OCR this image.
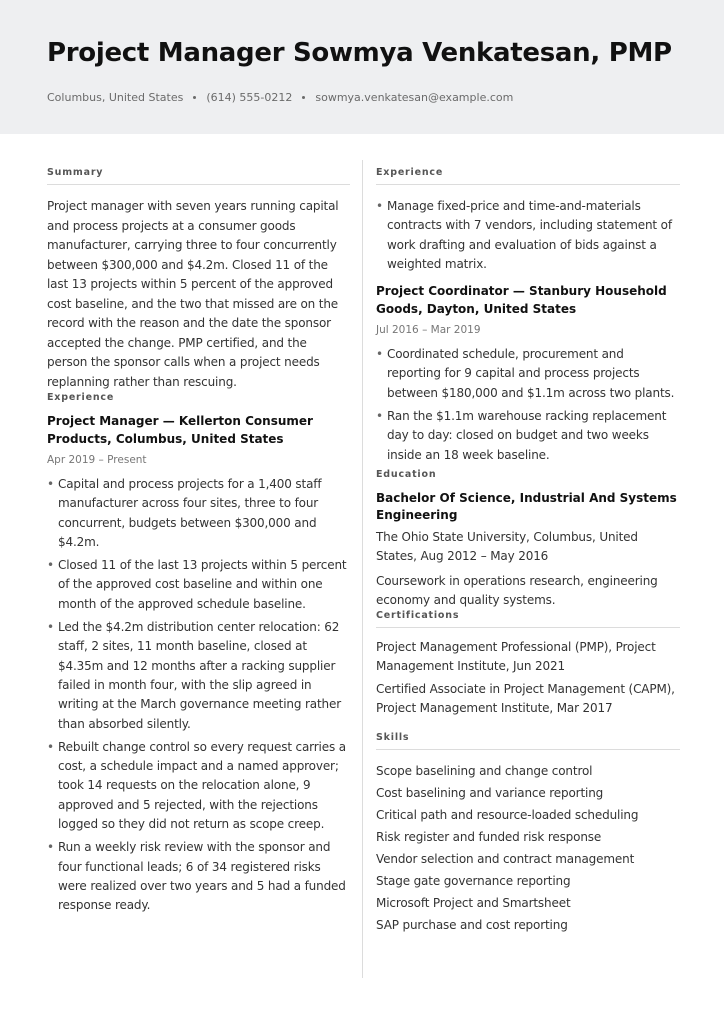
Project Manager Sowmya Venkatesan, PMP
Columbus, United States (614) 555-0212 sowmya.venkatesan@example.com
Summary

Project manager with seven years running capital and process projects at a consumer goods manufacturer, carrying three to four concurrently between $300,000 and $4.2m. Closed 11 of the last 13 projects within 5 percent of the approved cost baseline, and the two that missed are on the record with the reason and the date the sponsor accepted the change. PMP certified, and the person the sponsor calls when a project needs replanning rather than rescuing.

Experience
Project Manager — Kellerton Consumer Products, Columbus, United States
Apr 2019 – Present
• Capital and process projects for a 1,400 staff manufacturer across four sites, three to four concurrent, budgets between $300,000 and $4.2m.
• Closed 11 of the last 13 projects within 5 percent of the approved cost baseline and within one month of the approved schedule baseline.
• Led the $4.2m distribution center relocation: 62 staff, 2 sites, 11 month baseline, closed at $4.35m and 12 months after a racking supplier failed in month four, with the slip agreed in writing at the March governance meeting rather than absorbed silently.
• Rebuilt change control so every request carries a cost, a schedule impact and a named approver; took 14 requests on the relocation alone, 9 approved and 5 rejected, with the rejections logged so they did not return as scope creep.
• Run a weekly risk review with the sponsor and four functional leads; 6 of 34 registered risks were realized over two years and 5 had a funded response ready.
Experience
• Manage fixed-price and time-and-materials contracts with 7 vendors, including statement of work drafting and evaluation of bids against a weighted matrix.
Project Coordinator — Stanbury Household Goods, Dayton, United States
Jul 2016 – Mar 2019
• Coordinated schedule, procurement and reporting for 9 capital and process projects between $180,000 and $1.1m across two plants.
• Ran the $1.1m warehouse racking replacement day to day: closed on budget and two weeks inside an 18 week baseline.
Education
Bachelor Of Science, Industrial And Systems Engineering
The Ohio State University, Columbus, United States, Aug 2012 – May 2016
Coursework in operations research, engineering economy and quality systems.
Certifications
Project Management Professional (PMP), Project Management Institute, Jun 2021
Certified Associate in Project Management (CAPM), Project Management Institute, Mar 2017
Skills
Scope baselining and change control
Cost baselining and variance reporting
Critical path and resource-loaded scheduling
Risk register and funded risk response
Vendor selection and contract management
Stage gate governance reporting
Microsoft Project and Smartsheet
SAP purchase and cost reporting
